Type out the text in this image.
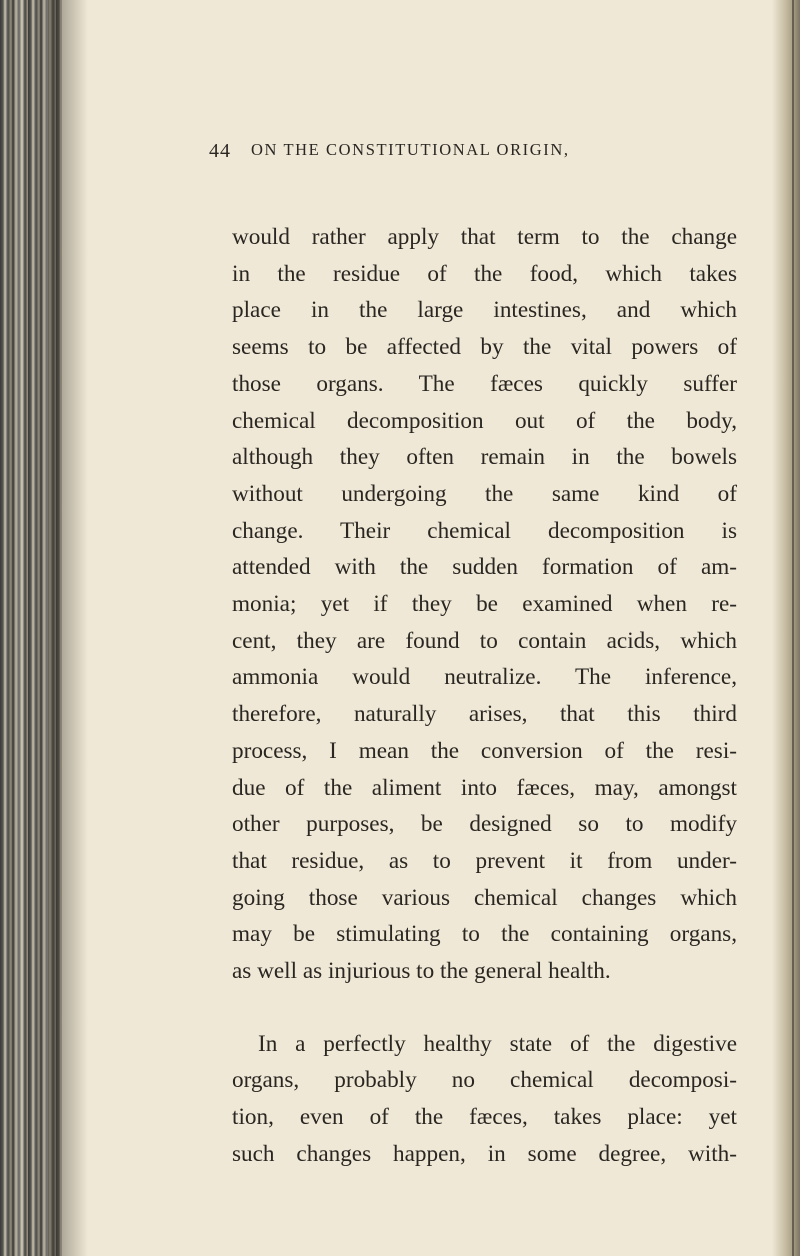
44 ON THE CONSTITUTIONAL ORIGIN,
would rather apply that term to the change
in the residue of the food, which takes
place in the large intestines, and which
seems to be affected by the vital powers of
those organs. The fæces quickly suffer
chemical decomposition out of the body,
although they often remain in the bowels
without undergoing the same kind of
change. Their chemical decomposition is
attended with the sudden formation of am-
monia; yet if they be examined when re-
cent, they are found to contain acids, which
ammonia would neutralize. The inference,
therefore, naturally arises, that this third
process, I mean the conversion of the resi-
due of the aliment into fæces, may, amongst
other purposes, be designed so to modify
that residue, as to prevent it from under-
going those various chemical changes which
may be stimulating to the containing organs,
as well as injurious to the general health.
In a perfectly healthy state of the digestive
organs, probably no chemical decomposi-
tion, even of the fæces, takes place: yet
such changes happen, in some degree, with-
